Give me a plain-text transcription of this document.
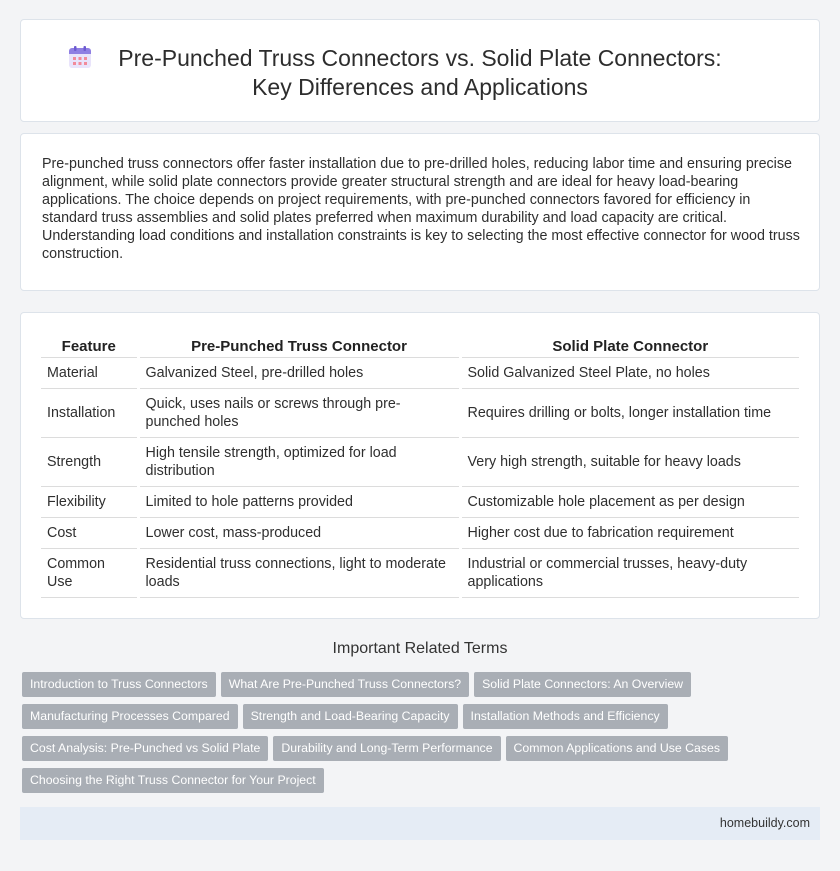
Pre-Punched Truss Connectors vs. Solid Plate Connectors: Key Differences and Applications

Pre-punched truss connectors offer faster installation due to pre-drilled holes, reducing labor time and ensuring precise alignment, while solid plate connectors provide greater structural strength and are ideal for heavy load-bearing applications. The choice depends on project requirements, with pre-punched connectors favored for efficiency in standard truss assemblies and solid plates preferred when maximum durability and load capacity are critical. Understanding load conditions and installation constraints is key to selecting the most effective connector for wood truss construction.

Feature	Pre-Punched Truss Connector	Solid Plate Connector
Material	Galvanized Steel, pre-drilled holes	Solid Galvanized Steel Plate, no holes
Installation	Quick, uses nails or screws through pre-punched holes	Requires drilling or bolts, longer installation time
Strength	High tensile strength, optimized for load distribution	Very high strength, suitable for heavy loads
Flexibility	Limited to hole patterns provided	Customizable hole placement as per design
Cost	Lower cost, mass-produced	Higher cost due to fabrication requirement
Common Use	Residential truss connections, light to moderate loads	Industrial or commercial trusses, heavy-duty applications
Important Related Terms
Introduction to Truss Connectors What Are Pre-Punched Truss Connectors? Solid Plate Connectors: An Overview
Manufacturing Processes Compared Strength and Load-Bearing Capacity Installation Methods and Efficiency
Cost Analysis: Pre-Punched vs Solid Plate Durability and Long-Term Performance Common Applications and Use Cases
Choosing the Right Truss Connector for Your Project
homebuildy.com
